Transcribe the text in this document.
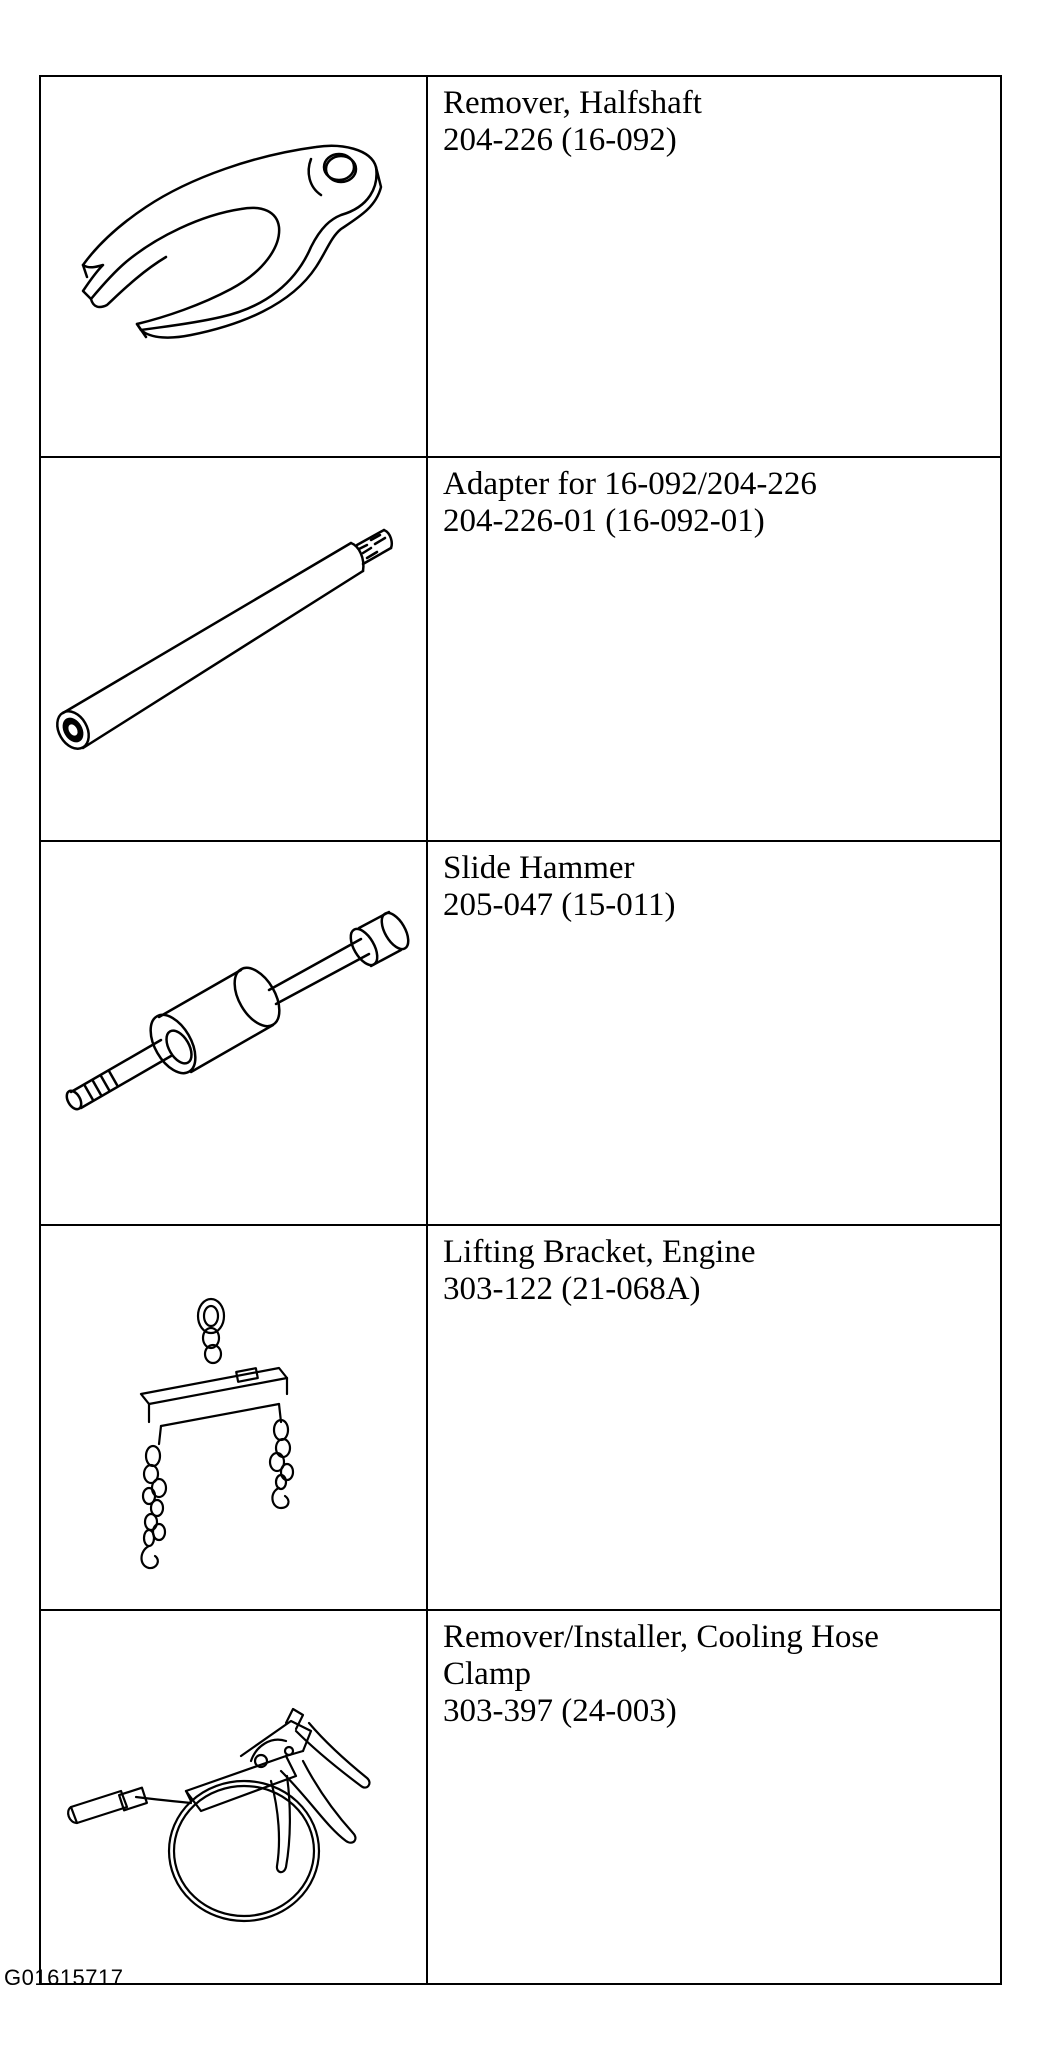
Remover, Halfshaft
204-226 (16-092)

Adapter for 16-092/204-226
204-226-01 (16-092-01)

Slide Hammer
205-047 (15-011)

Lifting Bracket, Engine
303-122 (21-068A)

Remover/Installer, Cooling Hose
Clamp
303-397 (24-003)
G01615717
